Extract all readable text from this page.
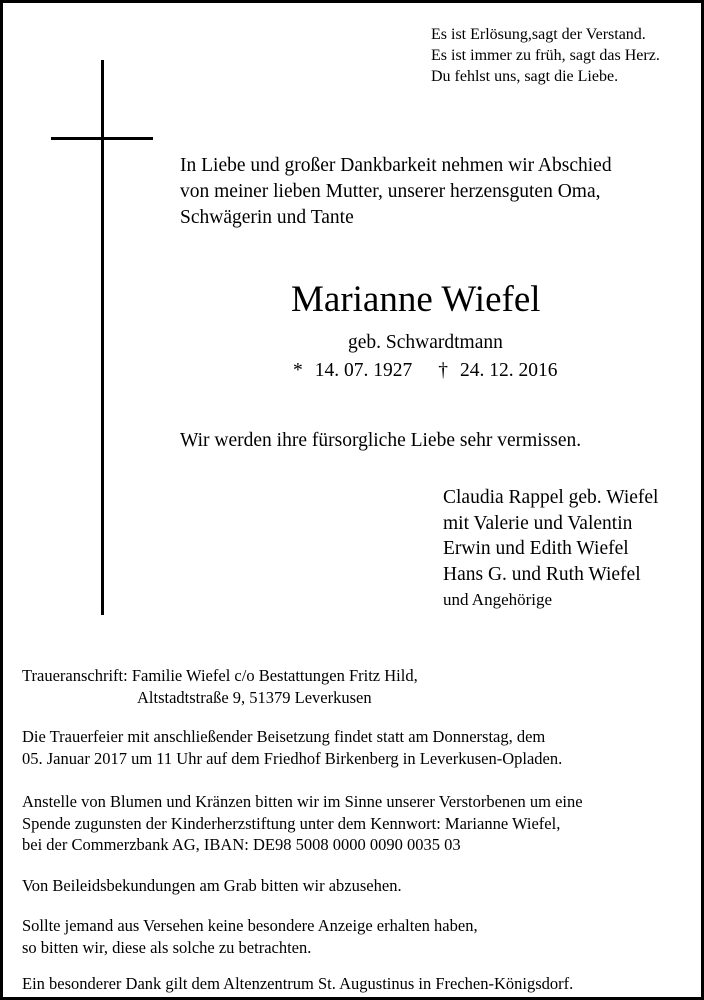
Es ist Erlösung,sagt der Verstand.
Es ist immer zu früh, sagt das Herz.
Du fehlst uns, sagt die Liebe.
In Liebe und großer Dankbarkeit nehmen wir Abschied
von meiner lieben Mutter, unserer herzensguten Oma,
Schwägerin und Tante
Marianne Wiefel
geb. Schwardtmann
* 14. 07. 1927 † 24. 12. 2016
Wir werden ihre fürsorgliche Liebe sehr vermissen.
Claudia Rappel geb. Wiefel
mit Valerie und Valentin
Erwin und Edith Wiefel
Hans G. und Ruth Wiefel
und Angehörige
Traueranschrift: Familie Wiefel c/o Bestattungen Fritz Hild,
Altstadtstraße 9, 51379 Leverkusen
Die Trauerfeier mit anschließender Beisetzung findet statt am Donnerstag, dem
05. Januar 2017 um 11 Uhr auf dem Friedhof Birkenberg in Leverkusen-Opladen.
Anstelle von Blumen und Kränzen bitten wir im Sinne unserer Verstorbenen um eine
Spende zugunsten der Kinderherzstiftung unter dem Kennwort: Marianne Wiefel,
bei der Commerzbank AG, IBAN: DE98 5008 0000 0090 0035 03
Von Beileidsbekundungen am Grab bitten wir abzusehen.
Sollte jemand aus Versehen keine besondere Anzeige erhalten haben,
so bitten wir, diese als solche zu betrachten.
Ein besonderer Dank gilt dem Altenzentrum St. Augustinus in Frechen-Königsdorf.
